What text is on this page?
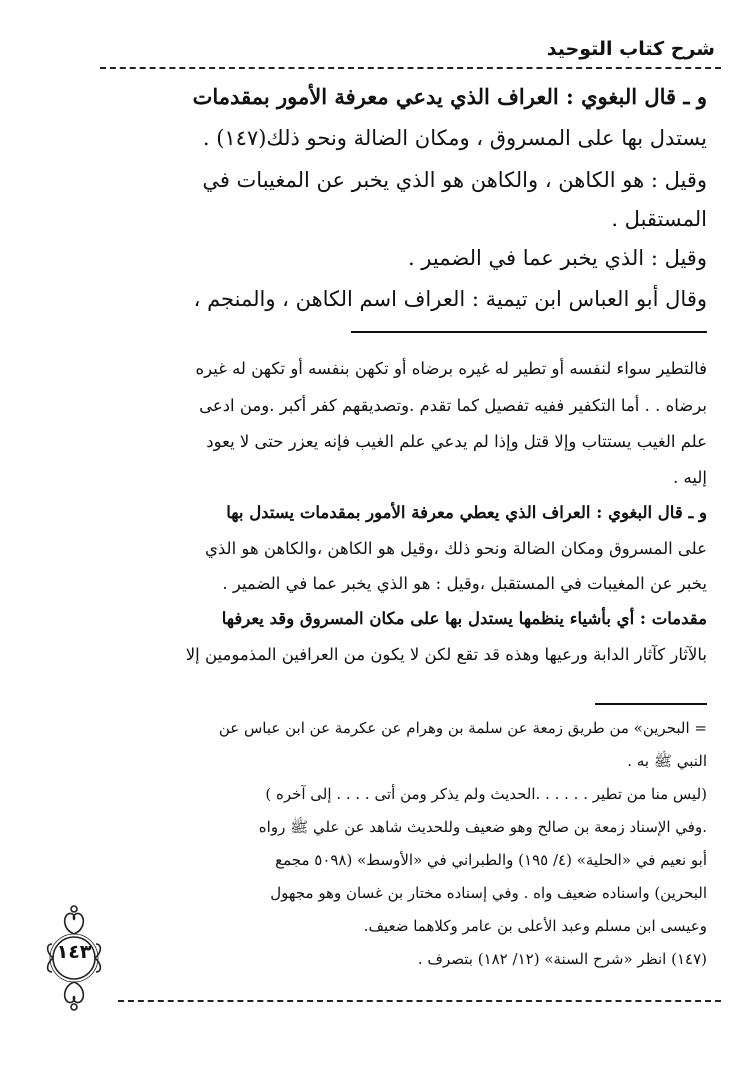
شرح كتاب التوحيد
و ـ قال البغوي : العراف الذي يدعي معرفة الأمور بمقدمات
يستدل بها على المسروق ، ومكان الضالة ونحو ذلك(١٤٧) .
وقيل : هو الكاهن ، والكاهن هو الذي يخبر عن المغيبات في
المستقبل .
وقيل : الذي يخبر عما في الضمير .
وقال أبو العباس ابن تيمية : العراف اسم الكاهن ، والمنجم ،
فالتطير سواء لنفسه أو تطير له غيره برضاه أو تكهن بنفسه أو تكهن له غيره
برضاه . . أما التكفير ففيه تفصيل كما تقدم .وتصديقهم كفر أكبر .ومن ادعى
علم الغيب يستتاب وإلا قتل وإذا لم يدعي علم الغيب فإنه يعزر حتى لا يعود
إليه .
و ـ قال البغوي : العراف الذي يعطي معرفة الأمور بمقدمات يستدل بها
على المسروق ومكان الضالة ونحو ذلك ،وقيل هو الكاهن ،والكاهن هو الذي
يخبر عن المغيبات في المستقبل ،وقيل : هو الذي يخبر عما في الضمير .
مقدمات : أي بأشياء ينظمها يستدل بها على مكان المسروق وقد يعرفها
بالآثار كآثار الدابة ورعيها وهذه قد تقع لكن لا يكون من العرافين المذمومين إلا
= البحرين» من طريق زمعة عن سلمة بن وهرام عن عكرمة عن ابن عباس عن
النبي ﷺ به .
(ليس منا من تطير . . . . . .الحديث ولم يذكر ومن أتى . . . . إلى آخره )
.وفي الإسناد زمعة بن صالح وهو ضعيف وللحديث شاهد عن علي ﷺ رواه
أبو نعيم في «الحلية» (٤/ ١٩٥) والطبراني في «الأوسط» (٥٠٩٨ مجمع
البحرين) واسناده ضعيف واه . وفي إسناده مختار بن غسان وهو مجهول
وعيسى ابن مسلم وعبد الأعلى بن عامر وكلاهما ضعيف.
(١٤٧) انظر «شرح السنة» (١٢/ ١٨٢) بتصرف .
١٤٣
